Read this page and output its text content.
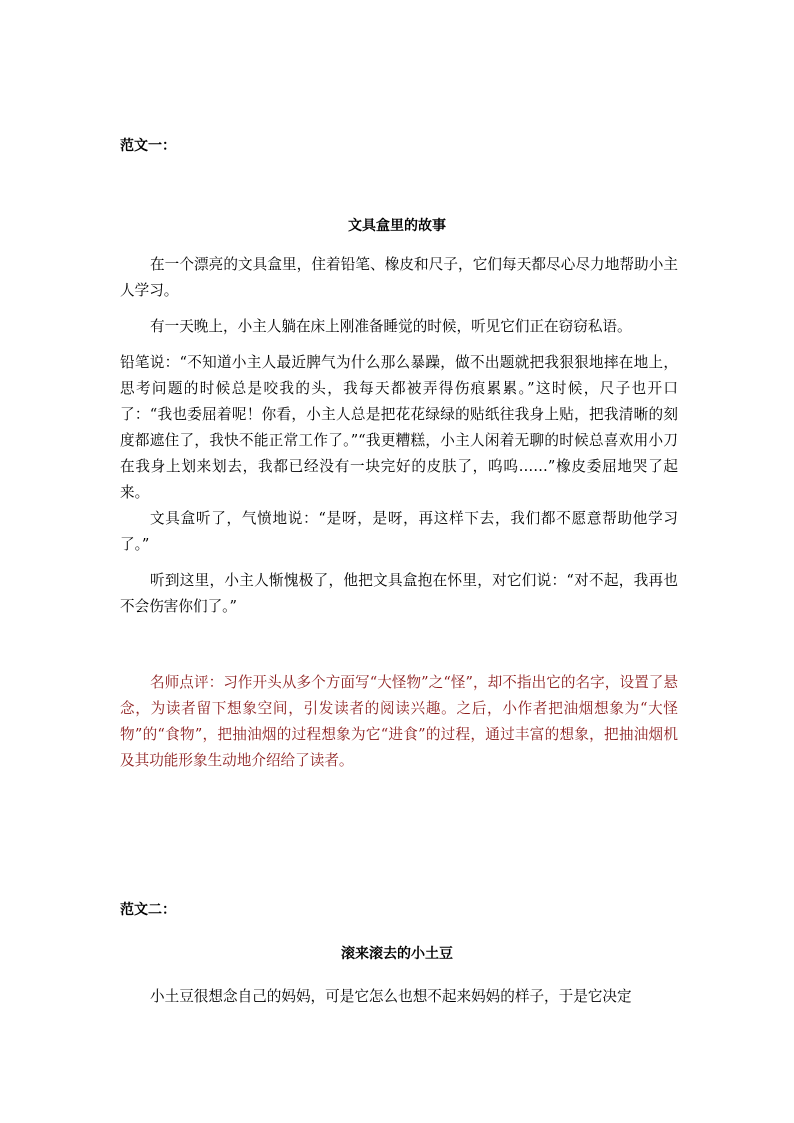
范文一：
文具盒里的故事
在一个漂亮的文具盒里，住着铅笔、橡皮和尺子，它们每天都尽心尽力地帮助小主人学习。
有一天晚上，小主人躺在床上刚准备睡觉的时候，听见它们正在窃窃私语。
铅笔说：“不知道小主人最近脾气为什么那么暴躁，做不出题就把我狠狠地摔在地上，思考问题的时候总是咬我的头，我每天都被弄得伤痕累累。”这时候，尺子也开口了：“我也委屈着呢！你看，小主人总是把花花绿绿的贴纸往我身上贴，把我清晰的刻度都遮住了，我快不能正常工作了。”“我更糟糕，小主人闲着无聊的时候总喜欢用小刀在我身上划来划去，我都已经没有一块完好的皮肤了，呜呜……”橡皮委屈地哭了起来。
文具盒听了，气愤地说：“是呀，是呀，再这样下去，我们都不愿意帮助他学习了。”
听到这里，小主人惭愧极了，他把文具盒抱在怀里，对它们说：“对不起，我再也不会伤害你们了。”
名师点评：习作开头从多个方面写“大怪物”之“怪”，却不指出它的名字，设置了悬念，为读者留下想象空间，引发读者的阅读兴趣。之后，小作者把油烟想象为“大怪物”的“食物”，把抽油烟的过程想象为它“进食”的过程，通过丰富的想象，把抽油烟机及其功能形象生动地介绍给了读者。
范文二：
滚来滚去的小土豆
小土豆很想念自己的妈妈，可是它怎么也想不起来妈妈的样子，于是它决定
